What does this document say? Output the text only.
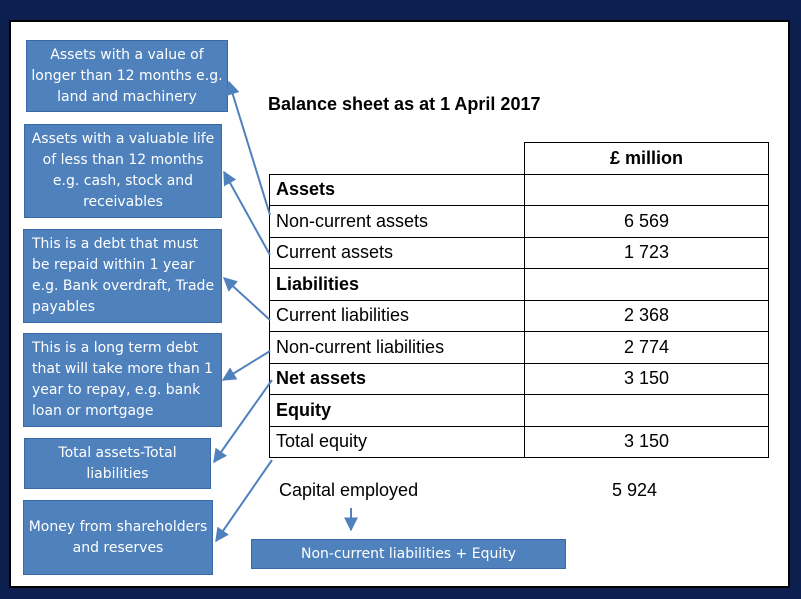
Assets with a value of longer than 12 months e.g. land and machinery
Assets with a valuable life of less than 12 months e.g. cash, stock and receivables
This is a debt that must be repaid within 1 year e.g. Bank overdraft, Trade payables
This is a long term debt that will take more than 1 year to repay, e.g. bank loan or mortgage
Total assets-Total liabilities
Money from shareholders and reserves	Non-current liabilities + Equity
Balance sheet as at 1 April 2017
	£ million
Assets	
Non-current assets	6 569
Current assets	1 723
Liabilities	
Current liabilities	2 368
Non-current liabilities	2 774
Net assets	3 150
Equity	
Total equity	3 150
Capital employed	5 924
